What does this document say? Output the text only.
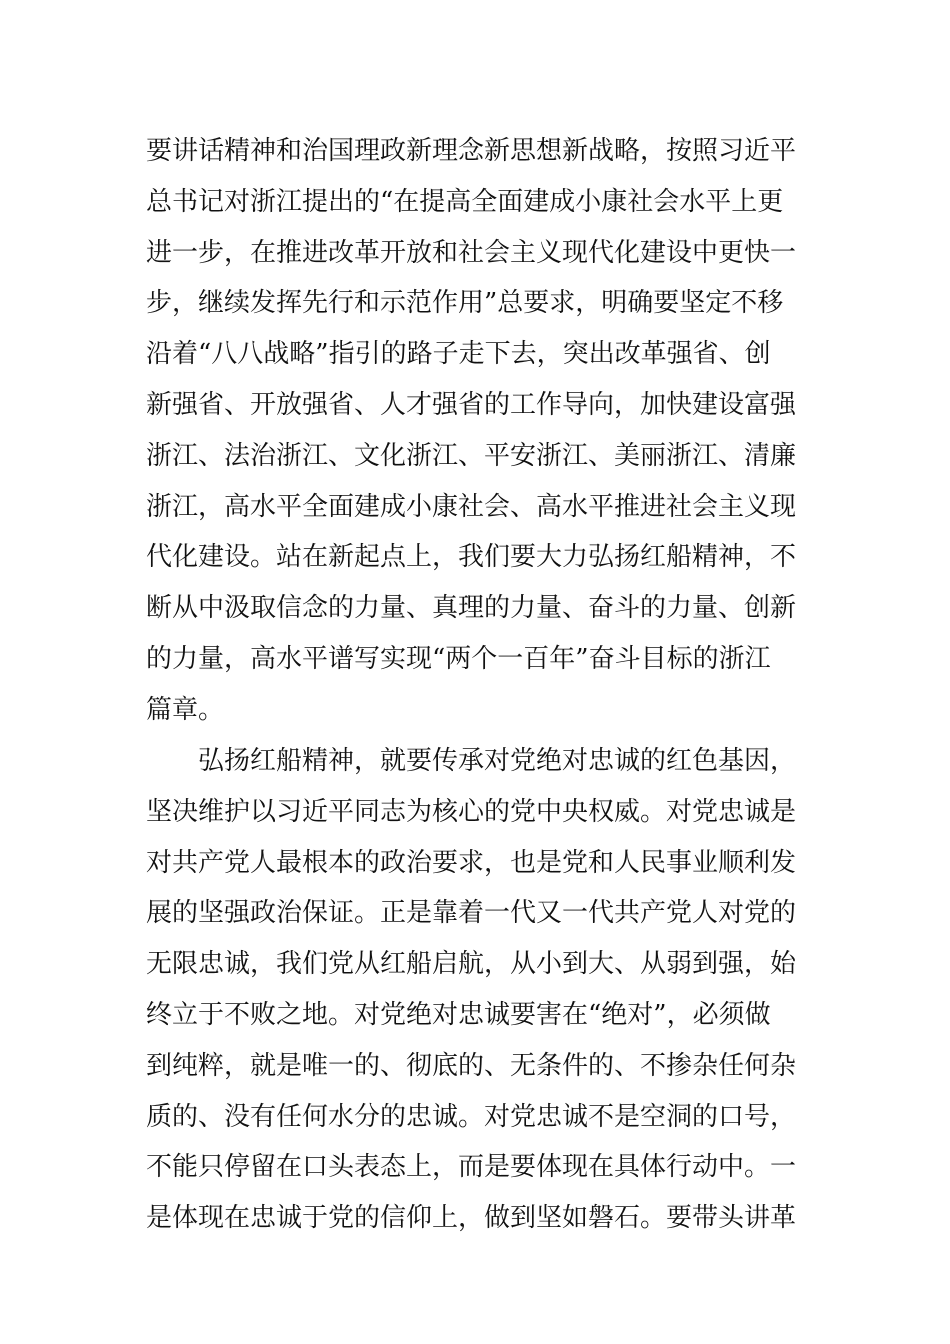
要讲话精神和治国理政新理念新思想新战略，按照习近平
总书记对浙江提出的“在提高全面建成小康社会水平上更
进一步，在推进改革开放和社会主义现代化建设中更快一
步，继续发挥先行和示范作用”总要求，明确要坚定不移
沿着“八八战略”指引的路子走下去，突出改革强省、创
新强省、开放强省、人才强省的工作导向，加快建设富强
浙江、法治浙江、文化浙江、平安浙江、美丽浙江、清廉
浙江，高水平全面建成小康社会、高水平推进社会主义现
代化建设。站在新起点上，我们要大力弘扬红船精神，不
断从中汲取信念的力量、真理的力量、奋斗的力量、创新
的力量，高水平谱写实现“两个一百年”奋斗目标的浙江
篇章。
　　弘扬红船精神，就要传承对党绝对忠诚的红色基因，
坚决维护以习近平同志为核心的党中央权威。对党忠诚是
对共产党人最根本的政治要求，也是党和人民事业顺利发
展的坚强政治保证。正是靠着一代又一代共产党人对党的
无限忠诚，我们党从红船启航，从小到大、从弱到强，始
终立于不败之地。对党绝对忠诚要害在“绝对”，必须做
到纯粹，就是唯一的、彻底的、无条件的、不掺杂任何杂
质的、没有任何水分的忠诚。对党忠诚不是空洞的口号，
不能只停留在口头表态上，而是要体现在具体行动中。一
是体现在忠诚于党的信仰上，做到坚如磐石。要带头讲革
